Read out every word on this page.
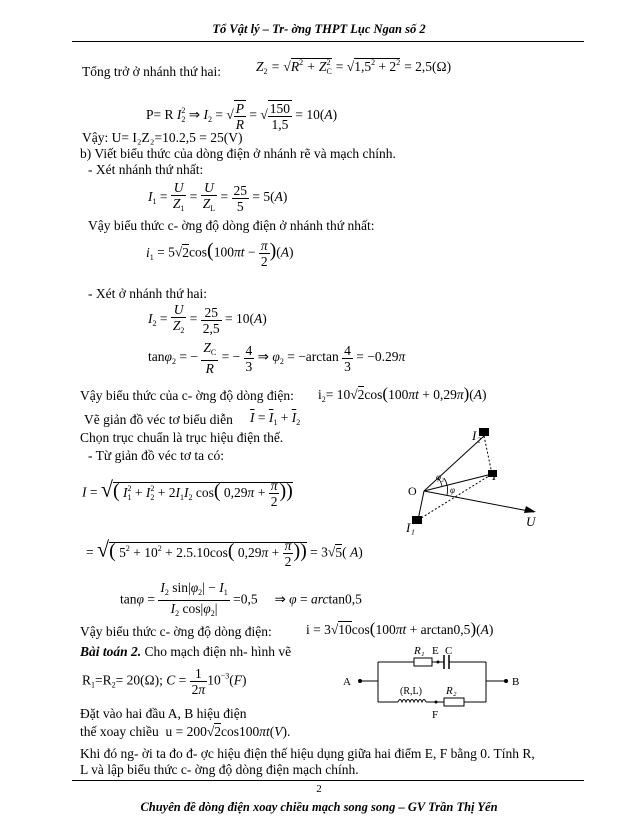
Tổ Vật lý – Tr- ờng THPT Lục Ngan số 2
Tổng trở ở nhánh thứ hai:	$Z_2 = √R^2 + Z^2_C = √1,5^2 + 2^2 = 2,5(\Omega)$
P= R $I^2_2$ ⇒ $I_2$ = √ $\frac{P}{R}$ = √ $\frac{150}{1,5} = 10(A)$
Vậy: U= I₂Z₂=10.2,5 = 25(V)
b) Viết biểu thức của dòng điện ở nhánh rẽ và mạch chính.
- Xét nhánh thứ nhất:
$I_1 = \frac{U}{Z_1} = \frac{U}{Z_L} = \frac{25}{5} = 5(A)$
Vậy biểu thức c- ờng độ dòng điện ở nhánh thứ nhất:
$i_1 = 5√2\cos(100\pi t - \frac{\pi}{2} )(A)$
- Xét ở nhánh thứ hai:
$I_2 = \frac{U}{Z_2} = \frac{25}{2,5} = 10(A)$
tanφ$_2$ = − $\frac{Z_C}{R}$ = − $\frac{4}{3}$ ⇒ $\varphi_2 = -\arctan \frac{4}{3} = -0.29\pi$
Vậy biểu thức của c- ờng độ dòng điện: $i_2= 10√2\cos(100\pi t + 0,29\pi)(A)$
Vẽ giản đồ véc tơ biểu diễn $\overline{I} = \overline{I}_1 + \overline{I}_2$
Chọn trục chuẩn là trục hiệu điện thế.
- Từ giản đồ véc tơ ta có:
I = √( $I^2_1 + I^2_2 + 2I_1I_2$ cos( $0,29\pi + \frac{\pi}{2}$ ))
= √( $5^2 + 10^2 + 2.5.10\cos$( $0,29\pi + \frac{\pi}{2}$ )) = 3√5( A)
$\tan\varphi = \frac{I_2 \sin|\varphi_2| - I_1}{I_2 \cos|\varphi_2|} =0,5$     ⇒ φ = arctan0,5
Vậy biểu thức c- ờng độ dòng điện:	i = 3√10cos(100πt + arctan0,5)(A)
Bài toán 2. Cho mạch điện nh- hình vẽ
$R_1=R_2= 20(\Omega)$; $C = \frac{1}{2\pi} 10^{-3}(F)$
Đặt vào hai đầu A, B hiệu điện
thế xoay chiều  u = 200√2cos100πt(V).
Khi đó ng- ời ta đo đ- ợc hiệu điện thế hiệu dụng giữa hai điểm E, F bằng 0. Tính R,
L và lập biểu thức c- ờng độ dòng điện mạch chính.
2
Chuyên đề dòng điện xoay chiều mạch song song – GV Trần Thị Yến
O
U
I
I₁
I₂
φ
φ₂
A	B
R₁ E C
(R,L) R₂
F
